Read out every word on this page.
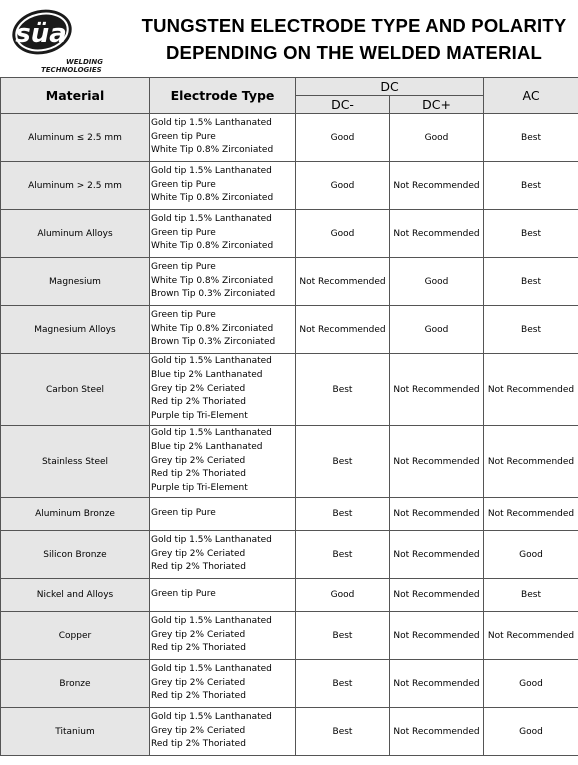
süa
WELDING
TECHNOLOGIES
TUNGSTEN ELECTRODE TYPE AND POLARITY
DEPENDING ON THE WELDED MATERIAL
Material	Electrode Type	DC		AC
		DC-	DC+	
Aluminum ≤ 2.5 mm	Gold tip 1.5% Lanthanated
Green tip Pure
White Tip 0.8% Zirconiated	Good	Good	Best
Aluminum > 2.5 mm	Gold tip 1.5% Lanthanated
Green tip Pure
White Tip 0.8% Zirconiated	Good	Not Recommended	Best
Aluminum Alloys	Gold tip 1.5% Lanthanated
Green tip Pure
White Tip 0.8% Zirconiated	Good	Not Recommended	Best
Magnesium	Green tip Pure
White Tip 0.8% Zirconiated
Brown Tip 0.3% Zirconiated	Not Recommended	Good	Best
Magnesium Alloys	Green tip Pure
White Tip 0.8% Zirconiated
Brown Tip 0.3% Zirconiated	Not Recommended	Good	Best
Carbon Steel	Gold tip 1.5% Lanthanated
Blue tip 2% Lanthanated
Grey tip 2% Ceriated
Red tip 2% Thoriated
Purple tip Tri-Element	Best	Not Recommended	Not Recommended
Stainless Steel	Gold tip 1.5% Lanthanated
Blue tip 2% Lanthanated
Grey tip 2% Ceriated
Red tip 2% Thoriated
Purple tip Tri-Element	Best	Not Recommended	Not Recommended
Aluminum Bronze	Green tip Pure	Best	Not Recommended	Not Recommended
Silicon Bronze	Gold tip 1.5% Lanthanated
Grey tip 2% Ceriated
Red tip 2% Thoriated	Best	Not Recommended	Good
Nickel and Alloys	Green tip Pure	Good	Not Recommended	Best
Copper	Gold tip 1.5% Lanthanated
Grey tip 2% Ceriated
Red tip 2% Thoriated	Best	Not Recommended	Not Recommended
Bronze	Gold tip 1.5% Lanthanated
Grey tip 2% Ceriated
Red tip 2% Thoriated	Best	Not Recommended	Good
Titanium	Gold tip 1.5% Lanthanated
Grey tip 2% Ceriated
Red tip 2% Thoriated	Best	Not Recommended	Good
